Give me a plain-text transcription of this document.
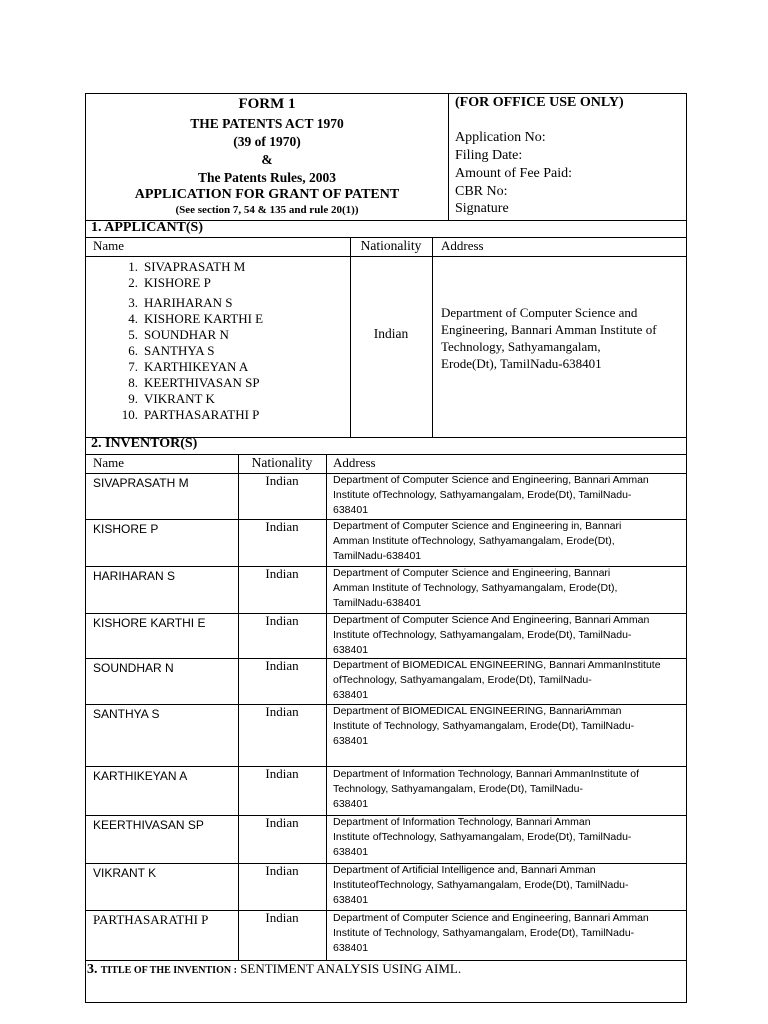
FORM 1
THE PATENTS ACT 1970
(39 of 1970)
&
The Patents Rules, 2003
APPLICATION FOR GRANT OF PATENT
(See section 7, 54 & 135 and rule 20(1))
(FOR OFFICE USE ONLY)
Application No:
Filing Date:
Amount of Fee Paid:
CBR No:
Signature
1. APPLICANT(S)
Name	Nationality	Address
1. SIVAPRASATH M
2. KISHORE P
3. HARIHARAN S
4. KISHORE KARTHI E
5. SOUNDHAR N
6. SANTHYA S
7. KARTHIKEYAN A
8. KEERTHIVASAN SP
9. VIKRANT K
10. PARTHASARATHI P
Indian
Department of Computer Science and
Engineering, Bannari Amman Institute of
Technology, Sathyamangalam,
Erode(Dt), TamilNadu-638401
2. INVENTOR(S)
Name	Nationality	Address
SIVAPRASATH M	Indian	Department of Computer Science and Engineering, Bannari Amman
Institute ofTechnology, Sathyamangalam, Erode(Dt), TamilNadu-
638401
KISHORE P	Indian	Department of Computer Science and Engineering in, Bannari
Amman Institute ofTechnology, Sathyamangalam, Erode(Dt),
TamilNadu-638401
HARIHARAN S	Indian	Department of Computer Science and Engineering, Bannari
Amman Institute of Technology, Sathyamangalam, Erode(Dt),
TamilNadu-638401
KISHORE KARTHI E	Indian	Department of Computer Science And Engineering, Bannari Amman
Institute ofTechnology, Sathyamangalam, Erode(Dt), TamilNadu-
638401
SOUNDHAR N	Indian	Department of BIOMEDICAL ENGINEERING, Bannari AmmanInstitute
ofTechnology, Sathyamangalam, Erode(Dt), TamilNadu-
638401
SANTHYA S	Indian	Department of BIOMEDICAL ENGINEERING, BannariAmman
Institute of Technology, Sathyamangalam, Erode(Dt), TamilNadu-
638401
KARTHIKEYAN A	Indian	Department of Information Technology, Bannari AmmanInstitute of
Technology, Sathyamangalam, Erode(Dt), TamilNadu-
638401
KEERTHIVASAN SP	Indian	Department of Information Technology, Bannari Amman
Institute ofTechnology, Sathyamangalam, Erode(Dt), TamilNadu-
638401
VIKRANT K	Indian	Department of Artificial Intelligence and, Bannari Amman
InstituteofTechnology, Sathyamangalam, Erode(Dt), TamilNadu-
638401
PARTHASARATHI P	Indian	Department of Computer Science and Engineering, Bannari Amman
Institute of Technology, Sathyamangalam, Erode(Dt), TamilNadu-
638401
3. TITLE OF THE INVENTION : SENTIMENT ANALYSIS USING AIML.
